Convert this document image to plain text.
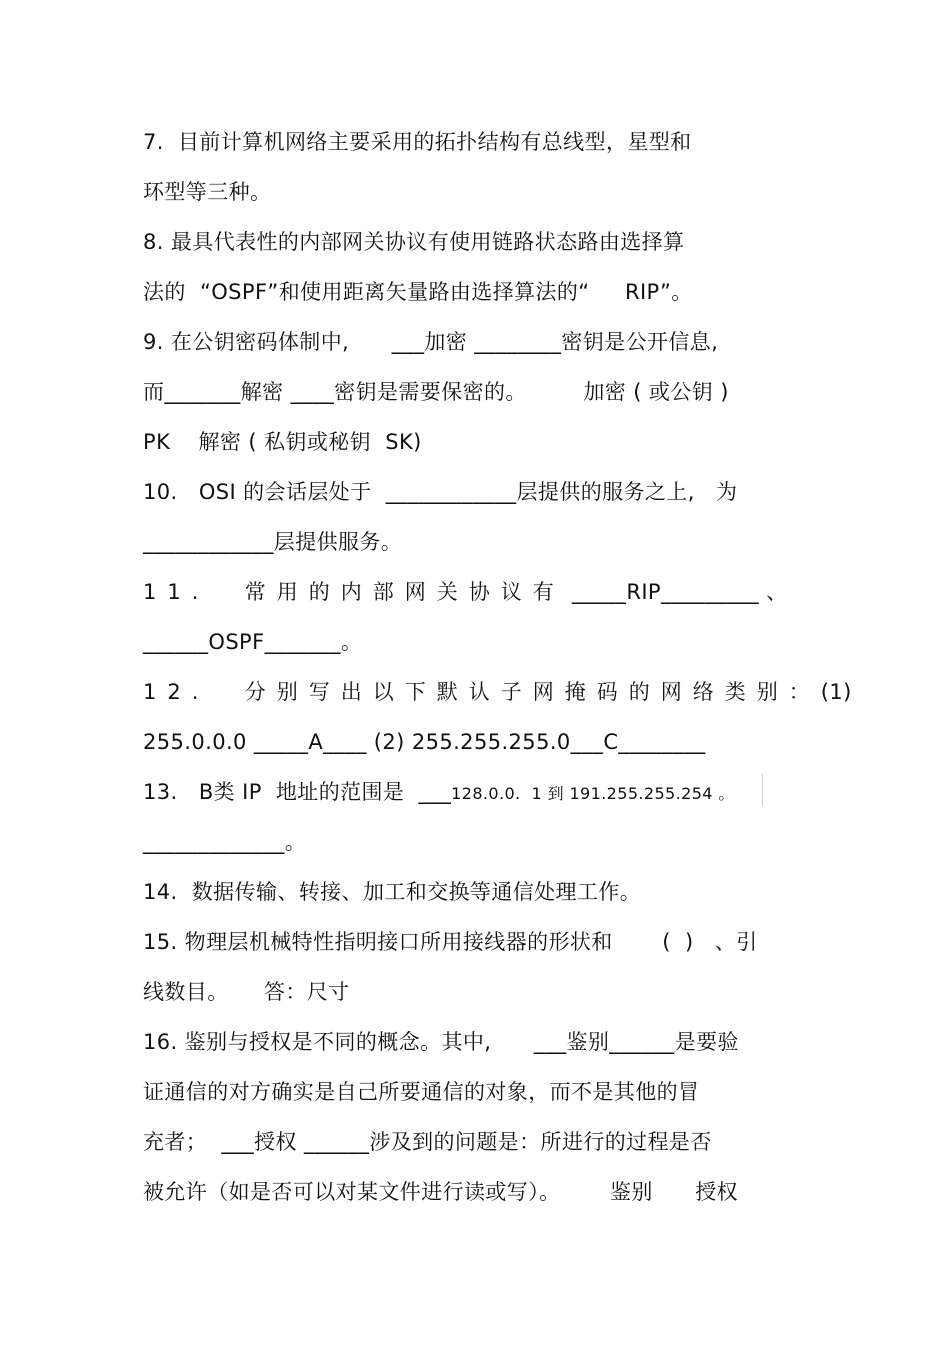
7.  目前计算机网络主要采用的拓扑结构有总线型，星型和
环型等三种。
8. 最具代表性的内部网关协议有使用链路状态路由选择算
法的  “OSPF”和使用距离矢量路由选择算法的“     RIP”。
9. 在公钥密码体制中,      ___加密 ________密钥是公开信息,
而_______解密 ____密钥是需要保密的。        加密 ( 或公钥 )
PK    解密 ( 私钥或秘钥  SK)
10.   OSI 的会话层处于  ____________层提供的服务之上,   为
____________层提供服务。
11.  常用的内部网关协议有 _____RIP_________ 、
______OSPF_______。
12.  分别写出以下默认子网掩码的网络类别：(1)
255.0.0.0 _____A____ (2) 255.255.255.0___C________
13.   B类 IP  地址的范围是  ___128.0.0.  1 到 191.255.255.254 。
_____________。
14.  数据传输、转接、加工和交换等通信处理工作。
15. 物理层机械特性指明接口所用接线器的形状和       (  )   、引
线数目。     答：尺寸
16. 鉴别与授权是不同的概念。其中,      ___鉴别______是要验
证通信的对方确实是自己所要通信的对象，而不是其他的冒
充者；  ___授权 ______涉及到的问题是：所进行的过程是否
被允许（如是否可以对某文件进行读或写）。       鉴别      授权
